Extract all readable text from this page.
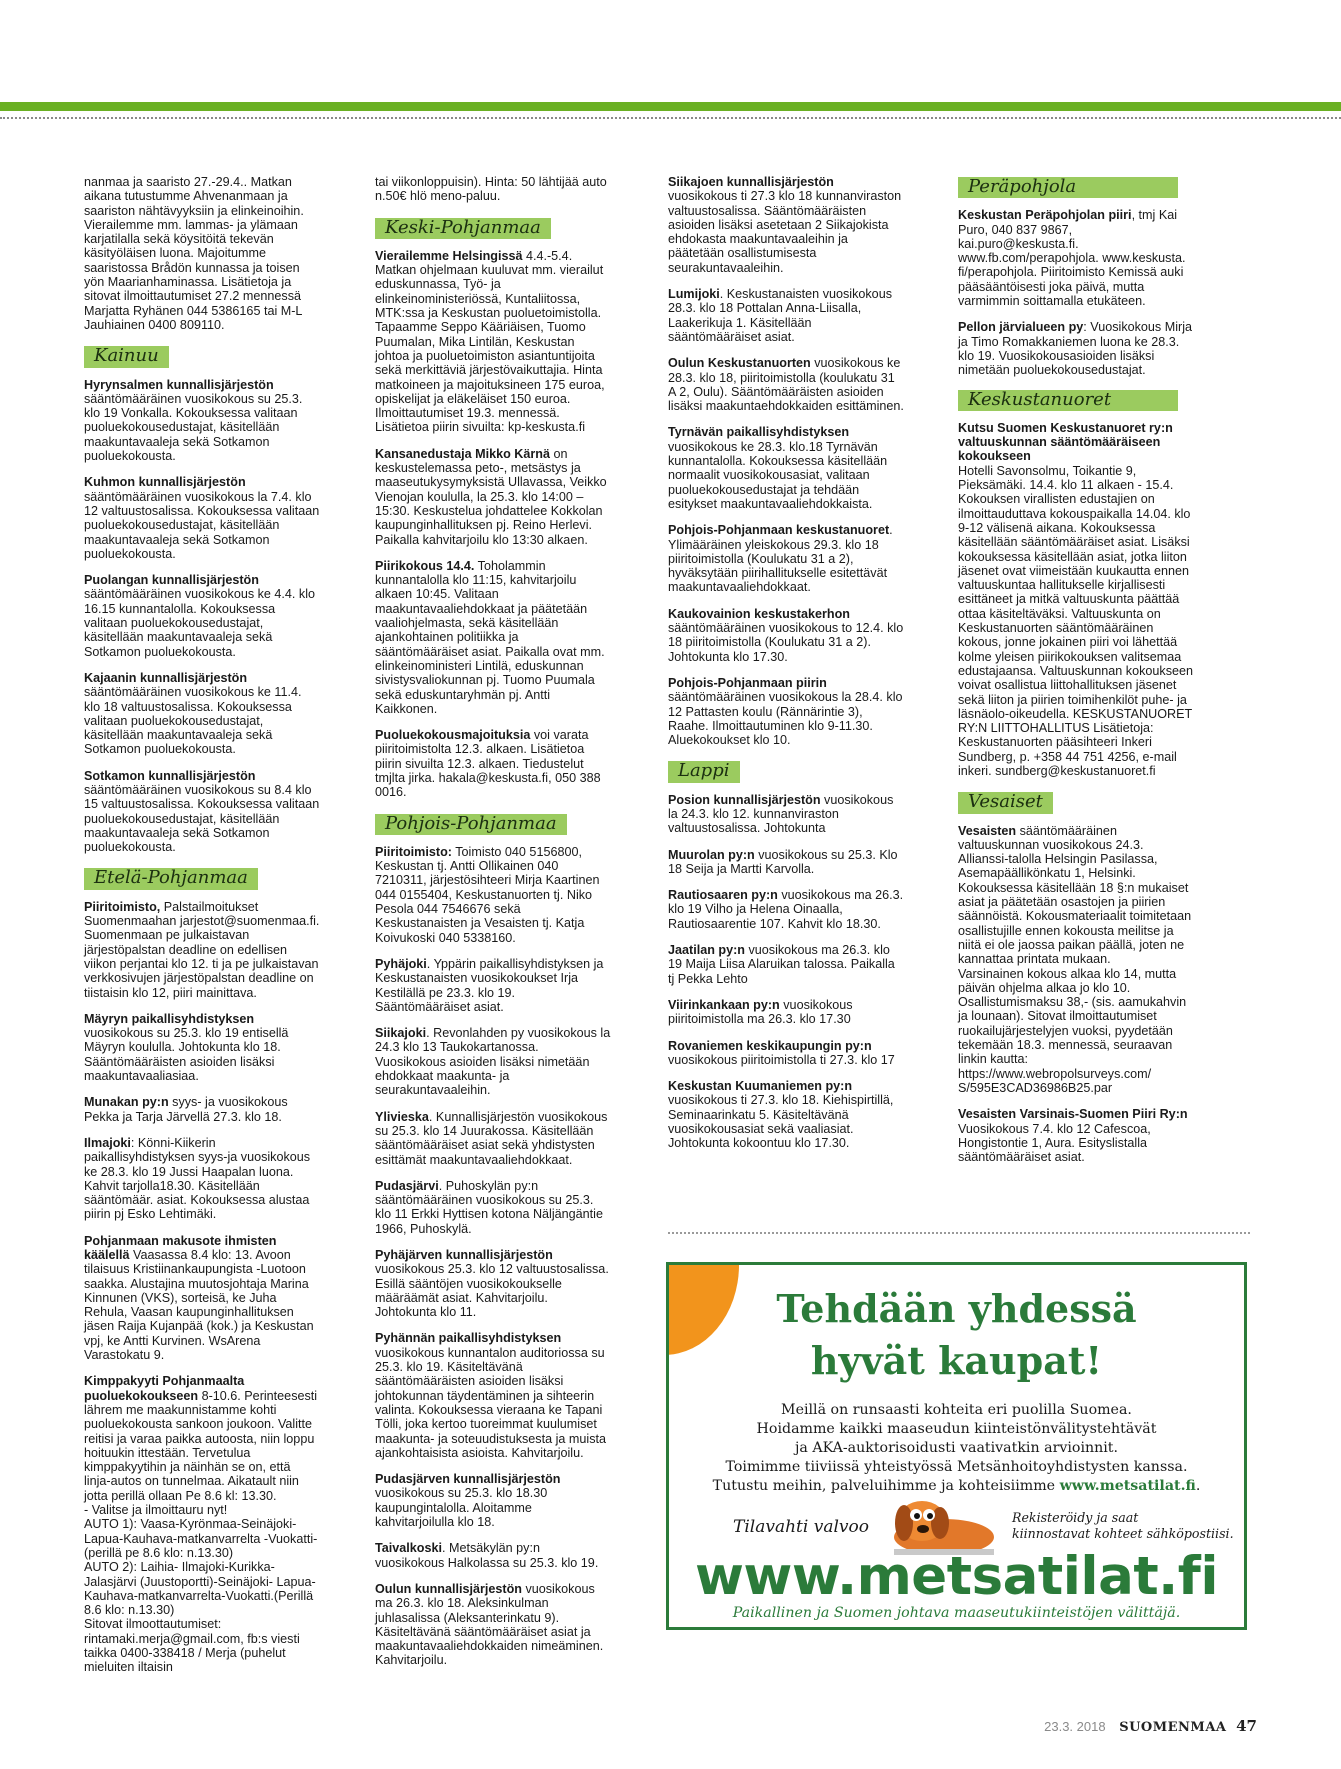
nanmaa ja saaristo 27.-29.4.. Matkan aikana tutustumme Ahvenanmaan ja saariston nähtävyyksiin ja elinkeinoihin. Vierailemme mm. lammas- ja ylämaan karjatilalla sekä köysitöitä tekevän käsityöläisen luona. Majoitumme saaristossa Brådön kunnassa ja toisen yön Maarianhaminassa. Lisätietoja ja sitovat ilmoittautumiset 27.2 mennessä Marjatta Ryhänen 044 5386165 tai M-L Jauhiainen 0400 809110.

Kainuu

Hyrynsalmen kunnallisjärjestön sääntömääräinen vuosikokous su 25.3. klo 19 Vonkalla. Kokouksessa valitaan puoluekokousedustajat, käsitellään maakuntavaaleja sekä Sotkamon puoluekokousta.

Kuhmon kunnallisjärjestön sääntömääräinen vuosikokous la 7.4. klo 12 valtuustosalissa. Kokouksessa valitaan puoluekokousedustajat, käsitellään maakuntavaaleja sekä Sotkamon puoluekokousta.

Puolangan kunnallisjärjestön sääntömääräinen vuosikokous ke 4.4. klo 16.15 kunnantalolla. Kokouksessa valitaan puoluekokousedustajat, käsitellään maakuntavaaleja sekä Sotkamon puoluekokousta.

Kajaanin kunnallisjärjestön sääntömääräinen vuosikokous ke 11.4. klo 18 valtuustosalissa. Kokouksessa valitaan puoluekokousedustajat, käsitellään maakuntavaaleja sekä Sotkamon puoluekokousta.

Sotkamon kunnallisjärjestön sääntömääräinen vuosikokous su 8.4 klo 15 valtuustosalissa. Kokouksessa valitaan puoluekokousedustajat, käsitellään maakuntavaaleja sekä Sotkamon puoluekokousta.

Etelä-Pohjanmaa

Piiritoimisto, Palstailmoitukset Suomenmaahan jarjestot@suomenmaa.fi. Suomenmaan pe julkaistavan järjestöpalstan deadline on edellisen viikon perjantai klo 12. ti ja pe julkaistavan verkkosivujen järjestöpalstan deadline on tiistaisin klo 12, piiri mainittava.

Mäyryn paikallisyhdistyksen vuosikokous su 25.3. klo 19 entisellä Mäyryn koululla. Johtokunta klo 18. Sääntömääräisten asioiden lisäksi maakuntavaaliasiaa.

Munakan py:n syys- ja vuosikokous Pekka ja Tarja Järvellä 27.3. klo 18.

Ilmajoki: Könni-Kiikerin paikallisyhdistyksen syys-ja vuosikokous ke 28.3. klo 19 Jussi Haapalan luona. Kahvit tarjolla18.30. Käsitellään sääntömäär. asiat. Kokouksessa alustaa piirin pj Esko Lehtimäki.

Pohjanmaan makusote ihmisten käälellä Vaasassa 8.4 klo: 13. Avoon tilaisuus Kristiinankaupungista -Luotoon saakka. Alustajina muutosjohtaja Marina Kinnunen (VKS), sorteisä, ke Juha Rehula, Vaasan kaupunginhallituksen jäsen Raija Kujanpää (kok.) ja Keskustan vpj, ke Antti Kurvinen. WsArena Varastokatu 9.

Kimppakyyti Pohjanmaalta puoluekokoukseen 8-10.6. Perinteesesti lährem me maakunnistamme kohti puoluekokousta sankoon joukoon. Valitte reitisi ja varaa paikka autoosta, niin loppu hoituukin ittestään. Tervetulua kimppakyytihin ja näinhän se on, että linja-autos on tunnelmaa. Aikatault niin jotta perillä ollaan Pe 8.6 kl: 13.30.

- Valitse ja ilmoittauru nyt!
AUTO 1): Vaasa-Kyrönmaa-Seinäjoki-Lapua-Kauhava-matkanvarrelta -Vuokatti- (perillä pe 8.6 klo: n.13.30)
AUTO 2): Laihia- Ilmajoki-Kurikka-Jalasjärvi (Juustoportti)-Seinäjoki- Lapua-Kauhava-matkanvarrelta-Vuokatti.(Perillä 8.6 klo: n.13.30)
Sitovat ilmoottautumiset: rintamaki.merja@gmail.com, fb:s viesti taikka 0400-338418 / Merja (puhelut mieluiten iltaisin

tai viikonloppuisin). Hinta: 50 lähtijää auto n.50€ hlö meno-paluu.

Keski-Pohjanmaa

Vierailemme Helsingissä 4.4.-5.4. Matkan ohjelmaan kuuluvat mm. vierailut eduskunnassa, Työ- ja elinkeinoministeriössä, Kuntaliitossa, MTK:ssa ja Keskustan puoluetoimistolla. Tapaamme Seppo Kääriäisen, Tuomo Puumalan, Mika Lintilän, Keskustan johtoa ja puoluetoimiston asiantuntijoita sekä merkittäviä järjestövaikuttajia. Hinta matkoineen ja majoituksineen 175 euroa, opiskelijat ja eläkeläiset 150 euroa. Ilmoittautumiset 19.3. mennessä. Lisätietoa piirin sivuilta: kp-keskusta.fi

Kansanedustaja Mikko Kärnä on keskustelemassa peto-, metsästys ja maaseutukysymyksistä Ullavassa, Veikko Vienojan koululla, la 25.3. klo 14:00 – 15:30. Keskustelua johdattelee Kokkolan kaupunginhallituksen pj. Reino Herlevi. Paikalla kahvitarjoilu klo 13:30 alkaen.

Piirikokous 14.4. Toholammin kunnantalolla klo 11:15, kahvitarjoilu alkaen 10:45. Valitaan maakuntavaaliehdokkaat ja päätetään vaaliohjelmasta, sekä käsitellään ajankohtainen politiikka ja sääntömääräiset asiat. Paikalla ovat mm. elinkeinoministeri Lintilä, eduskunnan sivistysvaliokunnan pj. Tuomo Puumala sekä eduskuntaryhmän pj. Antti Kaikkonen.

Puoluekokousmajoituksia voi varata piiritoimistolta 12.3. alkaen. Lisätietoa piirin sivuilta 12.3. alkaen. Tiedustelut tmjlta jirka. hakala@keskusta.fi, 050 388 0016.

Pohjois-Pohjanmaa

Piiritoimisto: Toimisto 040 5156800, Keskustan tj. Antti Ollikainen 040 7210311, järjestösihteeri Mirja Kaartinen 044 0155404, Keskustanuorten tj. Niko Pesola 044 7546676 sekä Keskustanaisten ja Vesaisten tj. Katja Koivukoski 040 5338160.

Pyhäjoki. Yppärin paikallisyhdistyksen ja Keskustanaisten vuosikokoukset Irja Kestilällä pe 23.3. klo 19. Sääntömääräiset asiat.

Siikajoki. Revonlahden py vuosikokous la 24.3 klo 13 Taukokartanossa. Vuosikokous asioiden lisäksi nimetään ehdokkaat maakunta- ja seurakuntavaaleihin.

Ylivieska. Kunnallisjärjestön vuosikokous su 25.3. klo 14 Juurakossa. Käsitellään sääntömääräiset asiat sekä yhdistysten esittämät maakuntavaaliehdokkaat.

Pudasjärvi. Puhoskylän py:n sääntömääräinen vuosikokous su 25.3. klo 11 Erkki Hyttisen kotona Näljängäntie 1966, Puhoskylä.

Pyhäjärven kunnallisjärjestön vuosikokous 25.3. klo 12 valtuustosalissa. Esillä sääntöjen vuosikokoukselle määräämät asiat. Kahvitarjoilu. Johtokunta klo 11.

Pyhännän paikallisyhdistyksen vuosikokous kunnantalon auditoriossa su 25.3. klo 19. Käsiteltävänä sääntömääräisten asioiden lisäksi johtokunnan täydentäminen ja sihteerin valinta. Kokouksessa vieraana ke Tapani Tölli, joka kertoo tuoreimmat kuulumiset maakunta- ja soteuudistuksesta ja muista ajankohtaisista asioista. Kahvitarjoilu.

Pudasjärven kunnallisjärjestön vuosikokous su 25.3. klo 18.30 kaupungintalolla. Aloitamme kahvitarjoilulla klo 18.

Taivalkoski. Metsäkylän py:n vuosikokous Halkolassa su 25.3. klo 19.

Oulun kunnallisjärjestön vuosikokous ma 26.3. klo 18. Aleksinkulman juhlasalissa (Aleksanterinkatu 9). Käsiteltävänä sääntömääräiset asiat ja maakuntavaaliehdokkaiden nimeäminen. Kahvitarjoilu.

Siikajoen kunnallisjärjestön vuosikokous ti 27.3 klo 18 kunnanviraston valtuustosalissa. Sääntömääräisten asioiden lisäksi asetetaan 2 Siikajokista ehdokasta maakuntavaaleihin ja päätetään osallistumisesta seurakuntavaaleihin.

Lumijoki. Keskustanaisten vuosikokous 28.3. klo 18 Pottalan Anna-Liisalla, Laakerikuja 1. Käsitellään sääntömääräiset asiat.

Oulun Keskustanuorten vuosikokous ke 28.3. klo 18, piiritoimistolla (koulukatu 31 A 2, Oulu). Sääntömääräisten asioiden lisäksi maakuntaehdokkaiden esittäminen.

Tyrnävän paikallisyhdistyksen vuosikokous ke 28.3. klo.18 Tyrnävän kunnantalolla. Kokouksessa käsitellään normaalit vuosikokousasiat, valitaan puoluekokousedustajat ja tehdään esitykset maakuntavaaliehdokkaista.

Pohjois-Pohjanmaan keskustanuoret. Ylimääräinen yleiskokous 29.3. klo 18 piiritoimistolla (Koulukatu 31 a 2), hyväksytään piirihallitukselle esitettävät maakuntavaaliehdokkaat.

Kaukovainion keskustakerhon sääntömääräinen vuosikokous to 12.4. klo 18 piiritoimistolla (Koulukatu 31 a 2). Johtokunta klo 17.30.

Pohjois-Pohjanmaan piirin sääntömääräinen vuosikokous la 28.4. klo 12 Pattasten koulu (Rännärintie 3), Raahe. Ilmoittautuminen klo 9-11.30. Aluekokoukset klo 10.

Lappi

Posion kunnallisjärjestön vuosikokous la 24.3. klo 12. kunnanviraston valtuustosalissa. Johtokunta

Muurolan py:n vuosikokous su 25.3. Klo 18 Seija ja Martti Karvolla.

Rautiosaaren py:n vuosikokous ma 26.3. klo 19 Vilho ja Helena Oinaalla, Rautiosaarentie 107. Kahvit klo 18.30.

Jaatilan py:n vuosikokous ma 26.3. klo 19 Maija Liisa Alaruikan talossa. Paikalla tj Pekka Lehto

Viirinkankaan py:n vuosikokous piiritoimistolla ma 26.3. klo 17.30

Rovaniemen keskikaupungin py:n vuosikokous piiritoimistolla ti 27.3. klo 17

Keskustan Kuumaniemen py:n vuosikokous ti 27.3. klo 18. Kiehispirtillä, Seminaarinkatu 5. Käsiteltävänä vuosikokousasiat sekä vaaliasiat. Johtokunta kokoontuu klo 17.30.

Peräpohjola

Keskustan Peräpohjolan piiri, tmj Kai Puro, 040 837 9867, kai.puro@keskusta.fi. www.fb.com/perapohjola. www.keskusta. fi/perapohjola. Piiritoimisto Kemissä auki pääsääntöisesti joka päivä, mutta varmimmin soittamalla etukäteen.

Pellon järvialueen py: Vuosikokous Mirja ja Timo Romakkaniemen luona ke 28.3. klo 19. Vuosikokousasioiden lisäksi nimetään puoluekokousedustajat.

Keskustanuoret

Kutsu Suomen Keskustanuoret ry:n valtuuskunnan sääntömääräiseen kokoukseen
Hotelli Savonsolmu, Toikantie 9, Pieksämäki. 14.4. klo 11 alkaen - 15.4. Kokouksen virallisten edustajien on ilmoittauduttava kokouspaikalla 14.04. klo 9-12 välisenä aikana. Kokouksessa käsitellään sääntömääräiset asiat. Lisäksi kokouksessa käsitellään asiat, jotka liiton jäsenet ovat viimeistään kuukautta ennen valtuuskuntaa hallitukselle kirjallisesti esittäneet ja mitkä valtuuskunta päättää ottaa käsiteltäväksi. Valtuuskunta on Keskustanuorten sääntömääräinen kokous, jonne jokainen piiri voi lähettää kolme yleisen piirikokouksen valitsemaa edustajaansa. Valtuuskunnan kokoukseen voivat osallistua liittohallituksen jäsenet sekä liiton ja piirien toimihenkilöt puhe- ja läsnäolo-oikeudella. KESKUSTANUORET RY:N LIITTOHALLITUS Lisätietoja: Keskustanuorten pääsihteeri Inkeri Sundberg, p. +358 44 751 4256, e-mail inkeri. sundberg@keskustanuoret.fi

Vesaiset

Vesaisten sääntömääräinen valtuuskunnan vuosikokous 24.3. Allianssi-talolla Helsingin Pasilassa, Asemapäällikönkatu 1, Helsinki.
Kokouksessa käsitellään 18 §:n mukaiset asiat ja päätetään osastojen ja piirien säännöistä. Kokousmateriaalit toimitetaan osallistujille ennen kokousta meilitse ja niitä ei ole jaossa paikan päällä, joten ne kannattaa printata mukaan.
Varsinainen kokous alkaa klo 14, mutta päivän ohjelma alkaa jo klo 10. Osallistumismaksu 38,- (sis. aamukahvin ja lounaan). Sitovat ilmoittautumiset ruokailujärjestelyjen vuoksi, pyydetään tekemään 18.3. mennessä, seuraavan linkin kautta: https://www.webropolsurveys.com/ S/595E3CAD36986B25.par

Vesaisten Varsinais-Suomen Piiri Ry:n Vuosikokous 7.4. klo 12 Cafescoa, Hongistontie 1, Aura. Esityslistalla sääntömääräiset asiat.

Tehdään yhdessä
hyvät kaupat!
Meillä on runsaasti kohteita eri puolilla Suomea.
Hoidamme kaikki maaseudun kiinteistönvälitystehtävät
ja AKA-auktorisoidusti vaativatkin arvioinnit.
Toimimme tiiviissä yhteistyössä Metsänhoitoyhdistysten kanssa.
Tutustu meihin, palveluihimme ja kohteisiimme www.metsatilat.fi.
Tilavahti valvoo	Rekisteröidy ja saat
kiinnostavat kohteet sähköpostiisi.
www.metsatilat.fi
Paikallinen ja Suomen johtava maaseutukiinteistöjen välittäjä.
23.3. 2018 SUOMENMAA 47
